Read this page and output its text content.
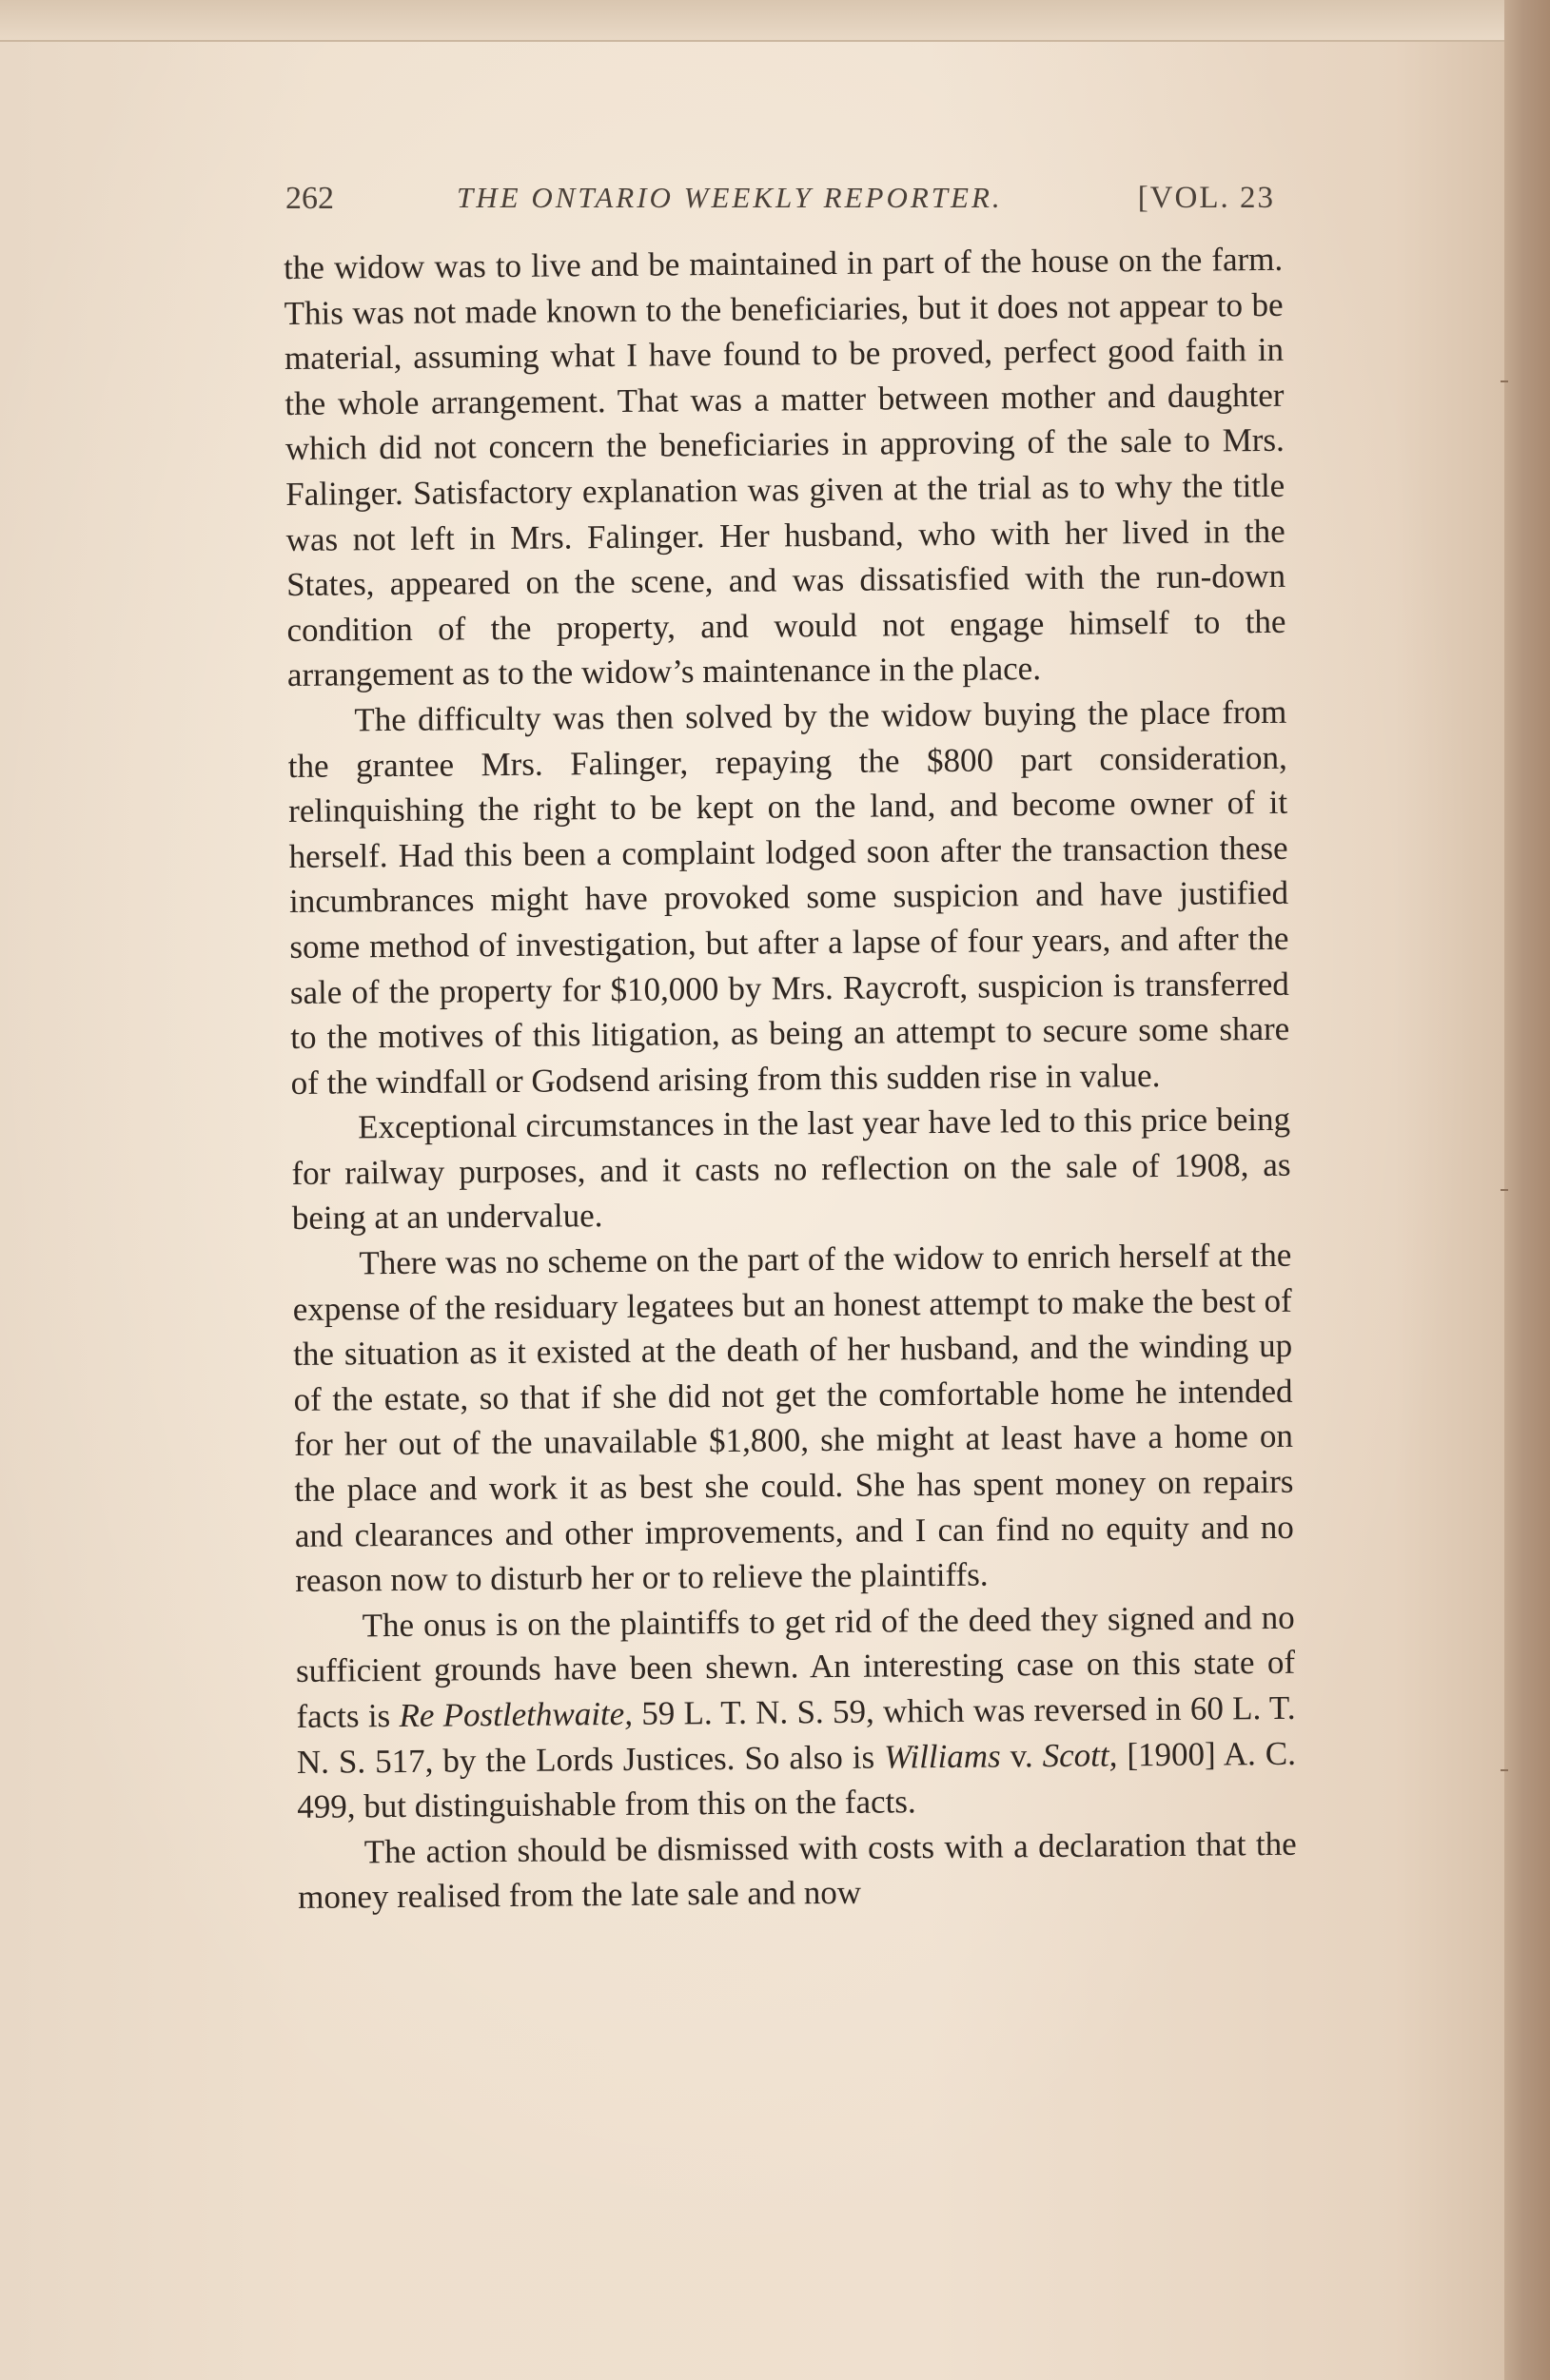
262	THE ONTARIO WEEKLY REPORTER.	[VOL. 23

the widow was to live and be maintained in part of the house on the farm. This was not made known to the beneficiaries, but it does not appear to be material, assuming what I have found to be proved, perfect good faith in the whole arrangement. That was a matter between mother and daughter which did not concern the beneficiaries in approving of the sale to Mrs. Falinger. Satisfactory explanation was given at the trial as to why the title was not left in Mrs. Falinger. Her husband, who with her lived in the States, appeared on the scene, and was dissatisfied with the run-down condition of the property, and would not engage himself to the arrangement as to the widow’s maintenance in the place.

The difficulty was then solved by the widow buying the place from the grantee Mrs. Falinger, repaying the $800 part consideration, relinquishing the right to be kept on the land, and become owner of it herself. Had this been a complaint lodged soon after the transaction these incumbrances might have provoked some suspicion and have justified some method of investigation, but after a lapse of four years, and after the sale of the property for $10,000 by Mrs. Raycroft, suspicion is transferred to the motives of this litigation, as being an attempt to secure some share of the windfall or Godsend arising from this sudden rise in value.

Exceptional circumstances in the last year have led to this price being for railway purposes, and it casts no reflection on the sale of 1908, as being at an undervalue.

There was no scheme on the part of the widow to enrich herself at the expense of the residuary legatees but an honest attempt to make the best of the situation as it existed at the death of her husband, and the winding up of the estate, so that if she did not get the comfortable home he intended for her out of the unavailable $1,800, she might at least have a home on the place and work it as best she could. She has spent money on repairs and clearances and other improvements, and I can find no equity and no reason now to disturb her or to relieve the plaintiffs.

The onus is on the plaintiffs to get rid of the deed they signed and no sufficient grounds have been shewn. An interesting case on this state of facts is Re Postlethwaite, 59 L. T. N. S. 59, which was reversed in 60 L. T. N. S. 517, by the Lords Justices. So also is Williams v. Scott, [1900] A. C. 499, but distinguishable from this on the facts.

The action should be dismissed with costs with a declaration that the money realised from the late sale and now
